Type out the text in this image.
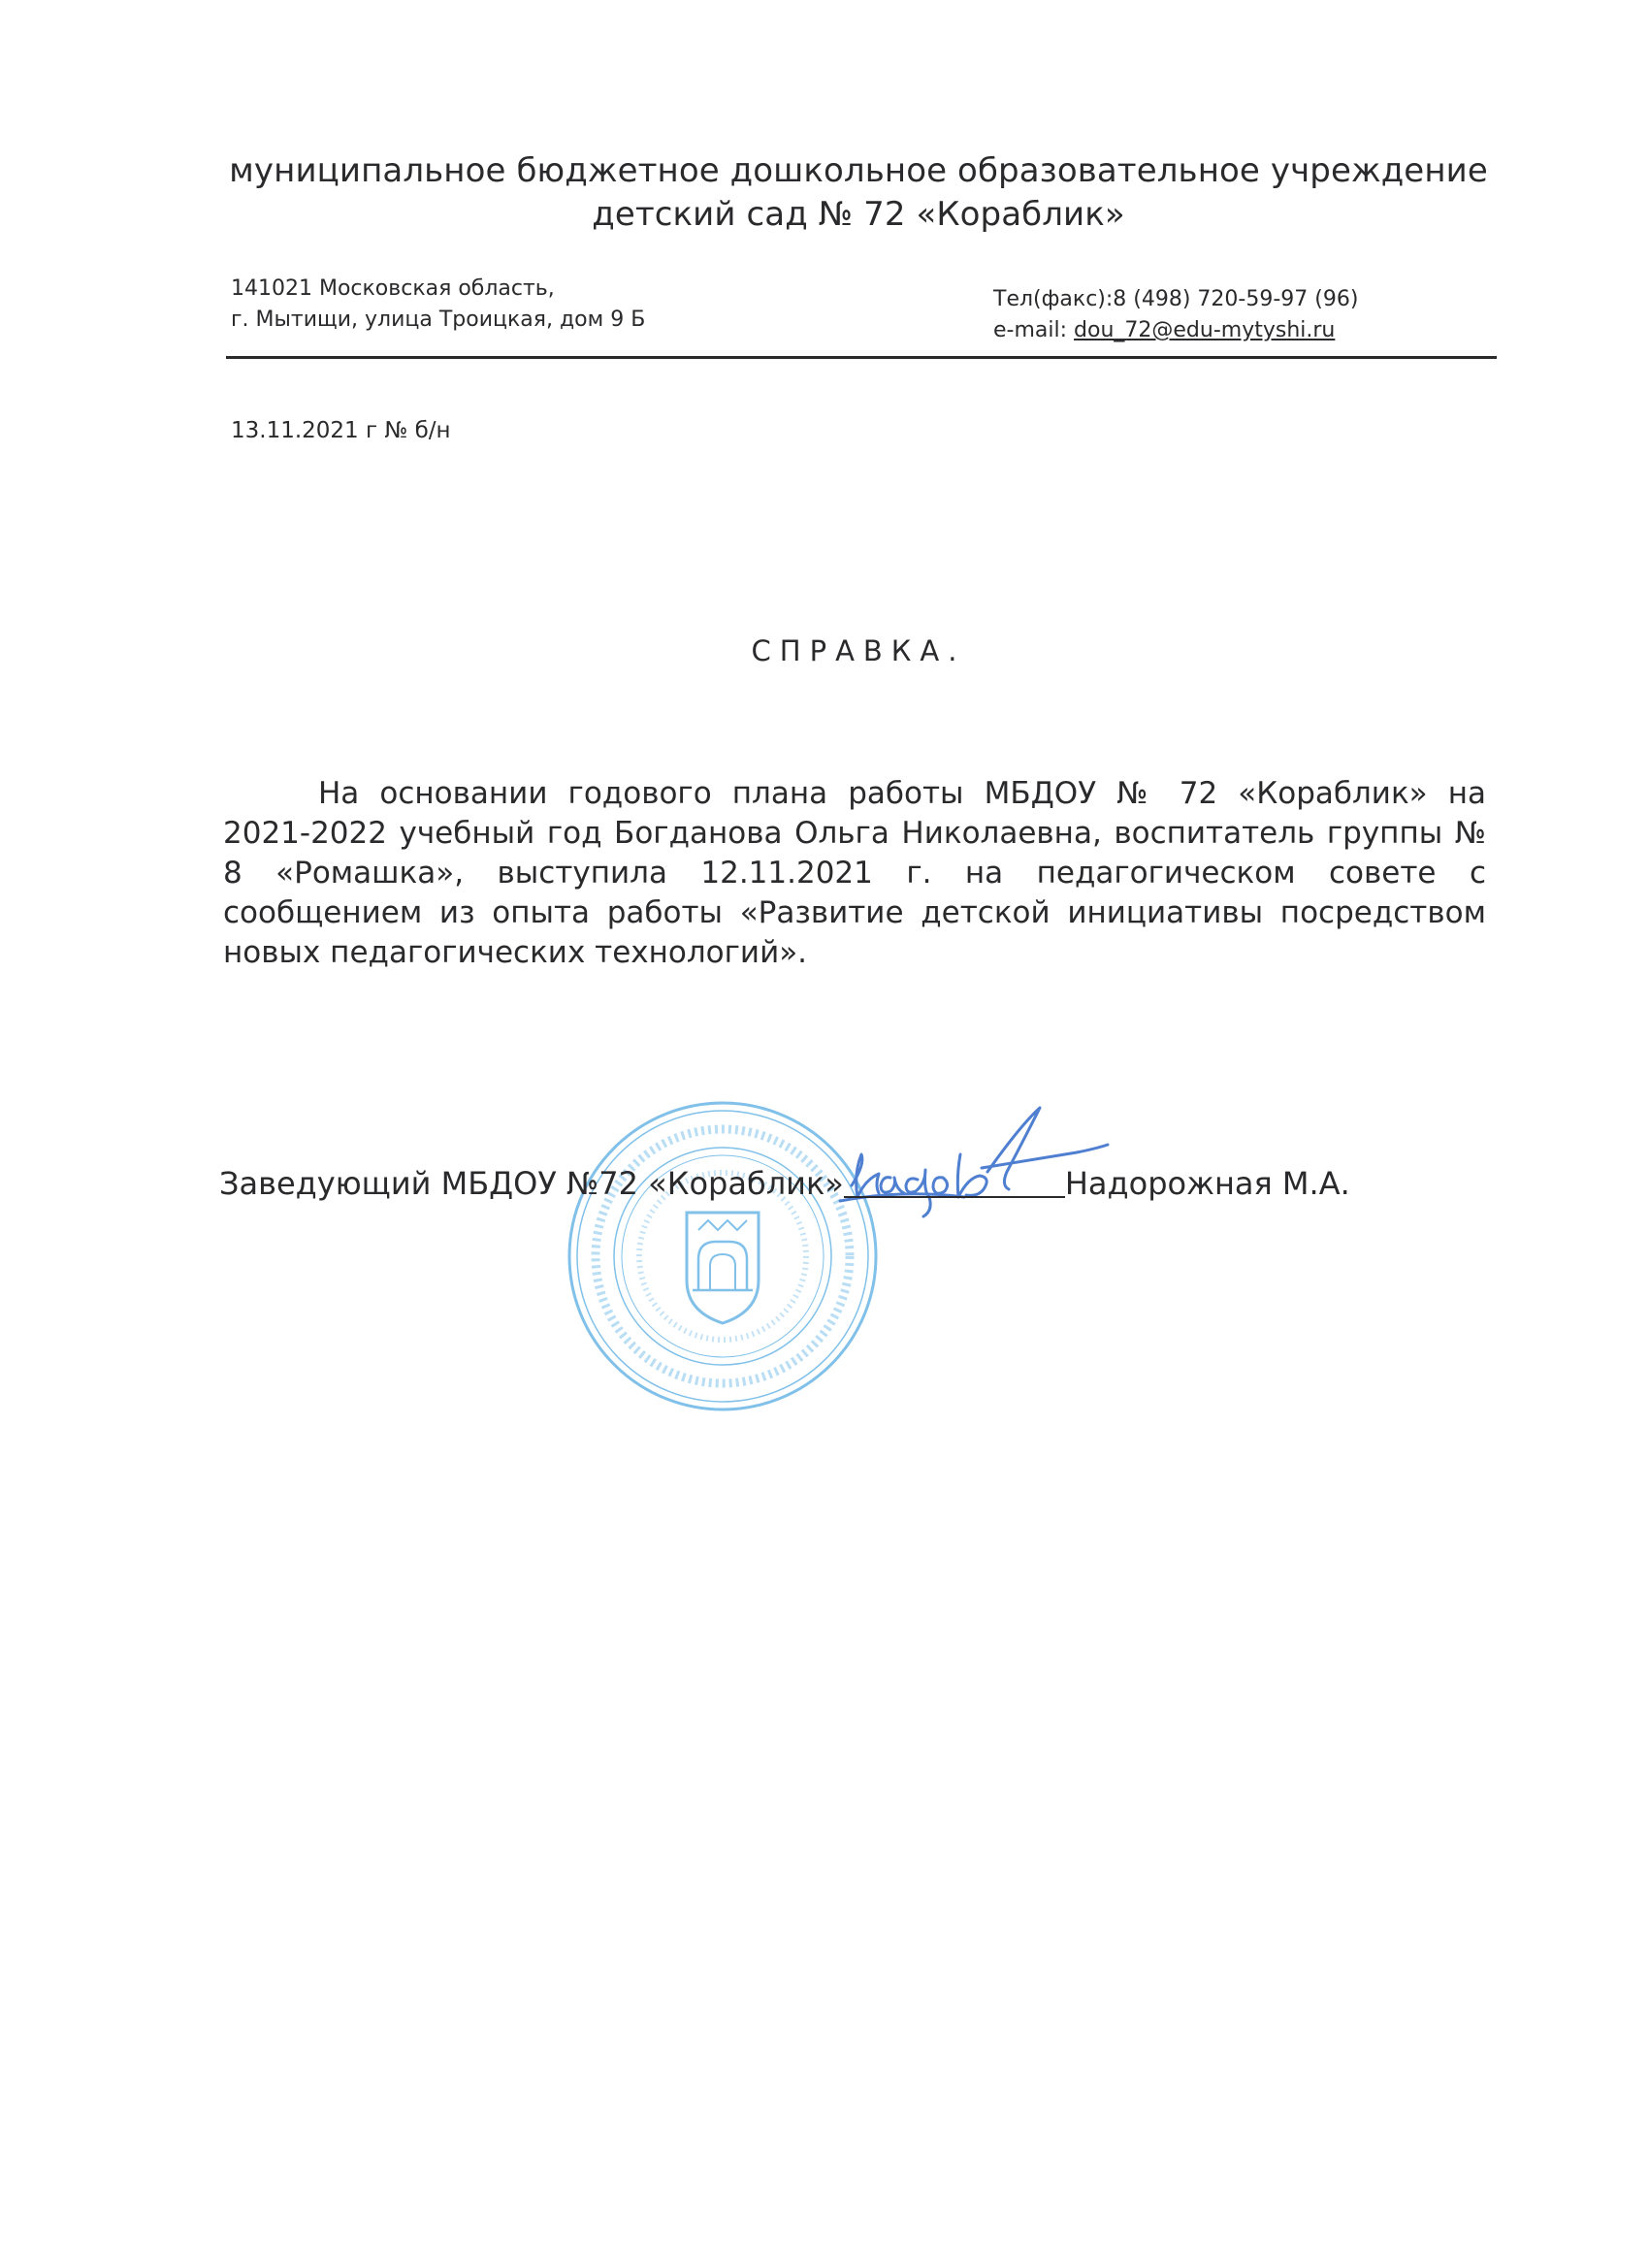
муниципальное бюджетное дошкольное образовательное учреждение
детский сад № 72 «Кораблик»
141021 Московская область,
г. Мытищи, улица Троицкая, дом 9 Б
Тел(факс):8 (498) 720-59-97 (96)
e-mail: dou_72@edu-mytyshi.ru
13.11.2021 г № б/н
СПРАВКА.
На основании годового плана работы МБДОУ № 72 «Кораблик» на
2021-2022 учебный год Богданова Ольга Николаевна, воспитатель группы №
8 «Ромашка», выступила 12.11.2021 г. на педагогическом совете с
сообщением из опыта работы «Развитие детской инициативы посредством
новых педагогических технологий».
Заведующий МБДОУ №72 «Кораблик»	Надорожная М.А.
